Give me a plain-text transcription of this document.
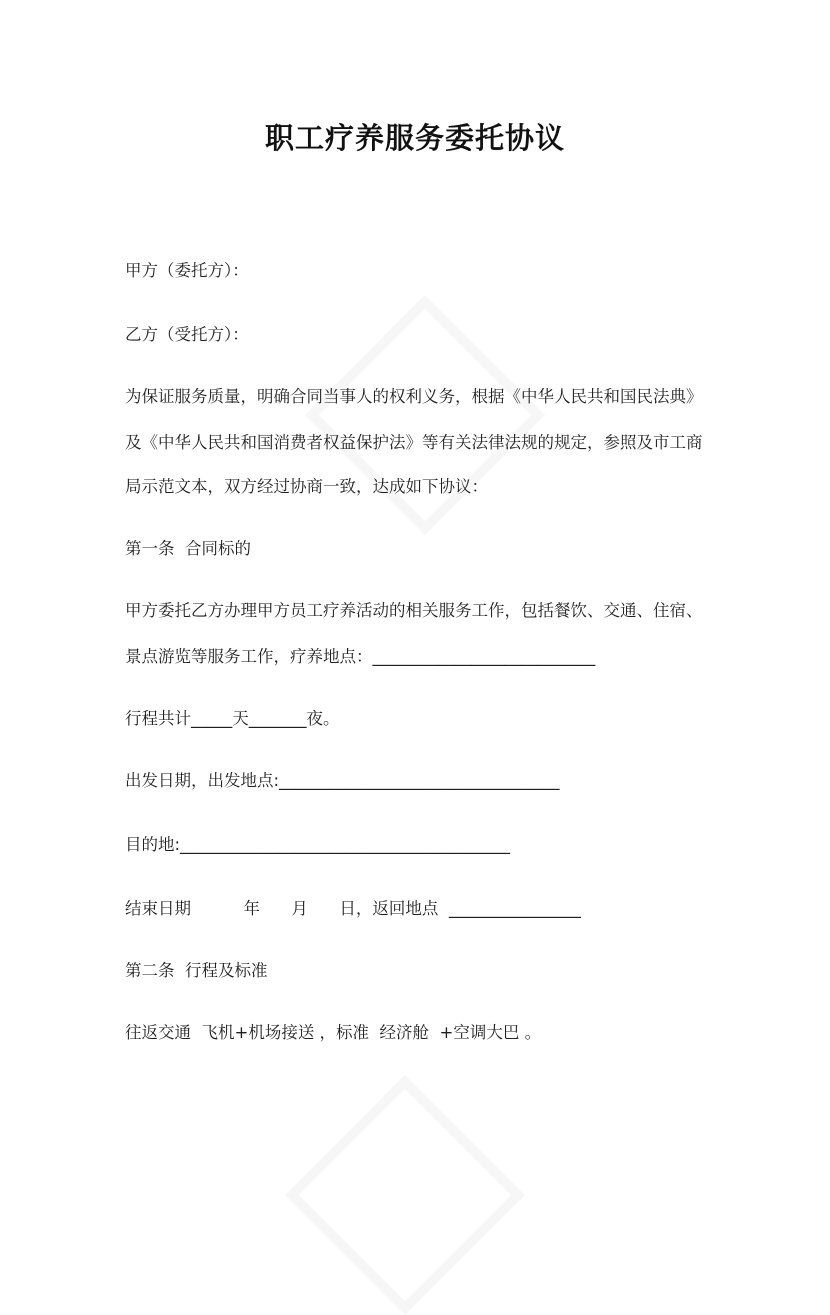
职工疗养服务委托协议
甲方（委托方）：
乙方（受托方）：
为保证服务质量，明确合同当事人的权利义务，根据《中华人民共和国民法典》
及《中华人民共和国消费者权益保护法》等有关法律法规的规定，参照及市工商
局示范文本，双方经过协商一致，达成如下协议：
第一条  合同标的
甲方委托乙方办理甲方员工疗养活动的相关服务工作，包括餐饮、交通、住宿、
景点游览等服务工作，疗养地点：___________________________
行程共计_____天_______夜。
出发日期，出发地点:__________________________________
目的地:________________________________________
结束日期          年      月      日，返回地点  ________________
第二条  行程及标准
往返交通  飞机+机场接送 ，标准  经济舱  +空调大巴 。
